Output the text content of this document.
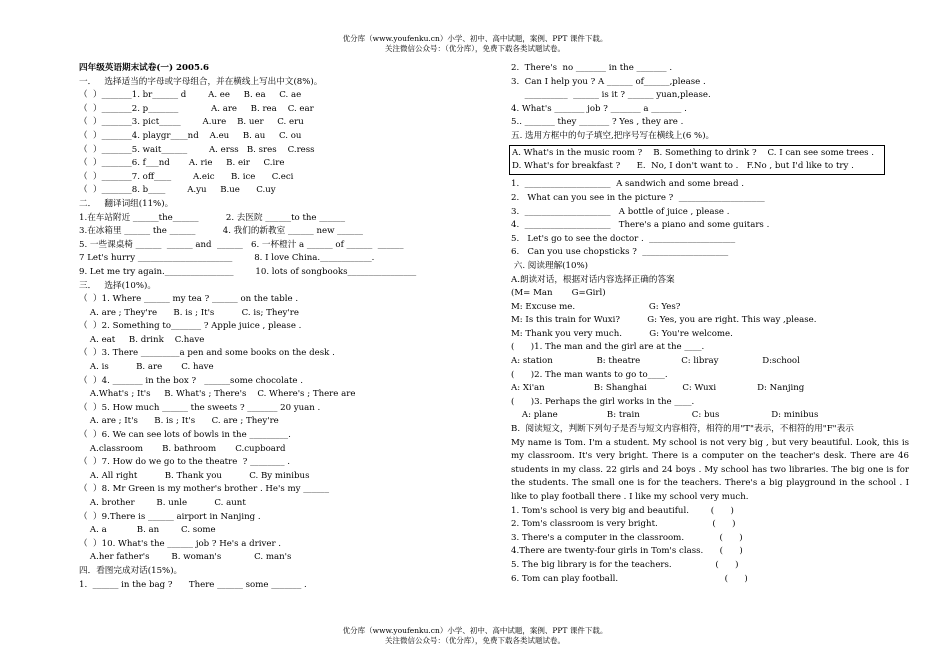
优分库（www.youfenku.cn）小学、初中、高中试题，案例、PPT 课件下载。
关注微信公众号：（优分库），免费下载各类试题试卷。
四年级英语期末试卷(一) 2005.6
一．   选择适当的字母或字母组合，并在横线上写出中文(8%)。
（  ）_______1. br______ d        A. ee     B. ea     C. ae
（  ）_______2. p_______            A. are     B. rea    C. ear
（  ）_______3. pict_____        A.ure    B. uer     C. eru
（  ）_______4. playgr____nd    A.eu     B. au     C. ou
（  ）_______5. wait______        A. erss   B. sres    C.ress
（  ）_______6. f___nd       A. rie     B. eir     C.ire
（  ）_______7. off____        A.eic      B. ice      C.eci
（  ）_______8. b____        A.yu     B.ue      C.uy
二．   翻译词组(11%)。
1.在车站附近 ______the______          2. 去医院 ______to the ______
3.在冰箱里 ______ the ______          4. 我们的新教室 ______ new ______
5. 一些课桌椅 ______  ______ and  ______   6. 一杯橙汁 a ______ of ______  ______
7 Let's hurry ______________________        8. I love China.____________.
9. Let me try again.________________        10. lots of songbooks________________
三．   选择(10%)。
（  ）1. Where ______ my tea ? ______ on the table .
A. are ; They're      B. is ; It's          C. is; They're
（  ）2. Something to_______ ? Apple juice , please .
A. eat     B. drink    C.have
（  ）3. There _________a pen and some books on the desk .
A. is          B. are       C. have
（  ）4. _______ in the box ?   ______some chocolate .
A.What's ; It's     B. What's ; There's    C. Where's ; There are
（  ）5. How much ______ the sweets ? _______ 20 yuan .
A. are ; It's      B. is ; It's      C. are ; They're
（  ）6. We can see lots of bowls in the _________.
A.classroom       B. bathroom       C.cupboard
（  ）7. How do we go to the theatre  ? ________ .
A. All right          B. Thank you          C. By minibus
（  ）8. Mr Green is my mother's brother . He's my ______
A. brother        B. unle          C. aunt
（  ）9.There is ______ airport in Nanjing .
A. a           B. an        C. some
（  ）10. What's the ______ job ? He's a driver .
A.her father's        B. woman's            C. man's
四．看图完成对话(15%)。
1.  ______ in the bag ?      There ______ some _______ .
2.  There's  no _______ in the _______ .
3.  Can I help you ? A ______ of______,please .
__________  ______ is it ? ______ yuan,please.
4. What's _______ job ? _______ a _______ .
5.. _______ they _______ ? Yes , they are .
五. 选用方框中的句子填空,把序号写在横线上(6 %)。
A. What's in the music room ?    B. Something to drink ?    C. I can see some trees .
D. What's for breakfast ?      E.  No, I don't want to .   F.No , but I'd like to try .
1.  ____________________  A sandwich and some bread .
2.   What can you see in the picture ?  ____________________
3.  ____________________   A bottle of juice , please .
4.  ____________________   There's a piano and some guitars .
5.   Let's go to see the doctor .  ____________________
6.   Can you use chopsticks ?  ____________________
六. 阅读理解(10%)
A.朗读对话，根据对话内容选择正确的答案
(M= Man       G=Girl)
M: Excuse me.                           G: Yes?
M: Is this train for Wuxi?          G: Yes, you are right. This way ,please.
M: Thank you very much.          G: You're welcome.
(      )1. The man and the girl are at the ____.
A: station                B: theatre               C: libray                D:school
(      )2. The man wants to go to____.
A: Xi'an                  B: Shanghai             C: Wuxi               D: Nanjing
(      )3. Perhaps the girl works in the ____.
A: plane                  B: train                   C: bus                   D: minibus
B.  阅读短文，判断下列句子是否与短文内容相符，相符的用"T"表示，不相符的用"F"表示
My name is Tom. I'm a student. My school is not very big , but very beautiful. Look, this is my classroom. It's very bright. There is a computer on the teacher's desk. There are 46 students in my class. 22 girls and 24 boys . My school has two libraries. The big one is for the students. The small one is for the teachers. There's a big playground in the school . I like to play football there . I like my school very much.
1. Tom's school is very big and beautiful.        (      )
2. Tom's classroom is very bright.                    (      )
3. There's a computer in the classroom.             (      )
4.There are twenty-four girls in Tom's class.      (      )
5. The big library is for the teachers.                (      )
6. Tom can play football.                                       (      )
优分库（www.youfenku.cn）小学、初中、高中试题，案例、PPT 课件下载。
关注微信公众号：（优分库），免费下载各类试题试卷。
